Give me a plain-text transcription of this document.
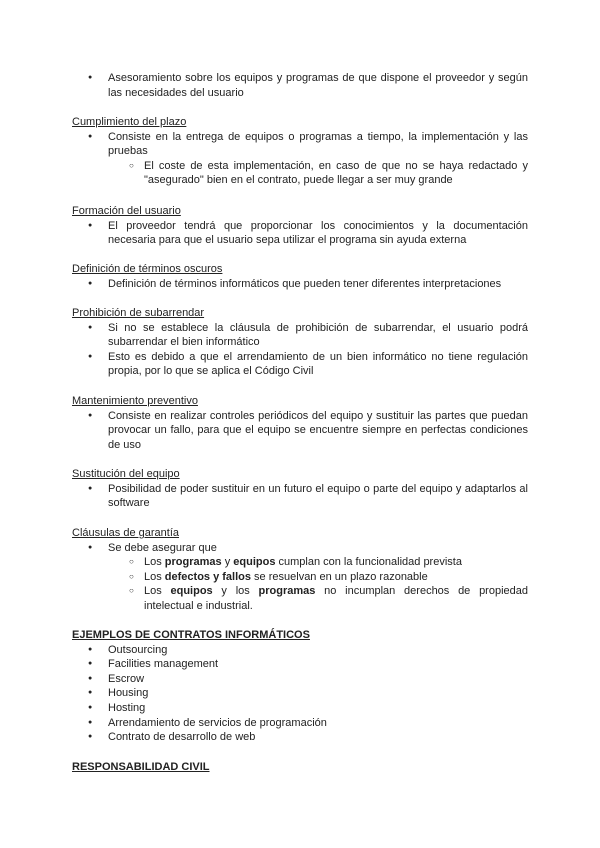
● Asesoramiento sobre los equipos y programas de que dispone el proveedor y según las necesidades del usuario
Cumplimiento del plazo
● Consiste en la entrega de equipos o programas a tiempo, la implementación y las pruebas
○ El coste de esta implementación, en caso de que no se haya redactado y "asegurado" bien en el contrato, puede llegar a ser muy grande
Formación del usuario
● El proveedor tendrá que proporcionar los conocimientos y la documentación necesaria para que el usuario sepa utilizar el programa sin ayuda externa
Definición de términos oscuros
● Definición de términos informáticos que pueden tener diferentes interpretaciones
Prohibición de subarrendar
● Si no se establece la cláusula de prohibición de subarrendar, el usuario podrá subarrendar el bien informático
● Esto es debido a que el arrendamiento de un bien informático no tiene regulación propia, por lo que se aplica el Código Civil
Mantenimiento preventivo
● Consiste en realizar controles periódicos del equipo y sustituir las partes que puedan provocar un fallo, para que el equipo se encuentre siempre en perfectas condiciones de uso
Sustitución del equipo
● Posibilidad de poder sustituir en un futuro el equipo o parte del equipo y adaptarlos al software
Cláusulas de garantía
● Se debe asegurar que
○ Los programas y equipos cumplan con la funcionalidad prevista
○ Los defectos y fallos se resuelvan en un plazo razonable
○ Los equipos y los programas no incumplan derechos de propiedad intelectual e industrial.
EJEMPLOS DE CONTRATOS INFORMÁTICOS
● Outsourcing
● Facilities management
● Escrow
● Housing
● Hosting
● Arrendamiento de servicios de programación
● Contrato de desarrollo de web
RESPONSABILIDAD CIVIL
